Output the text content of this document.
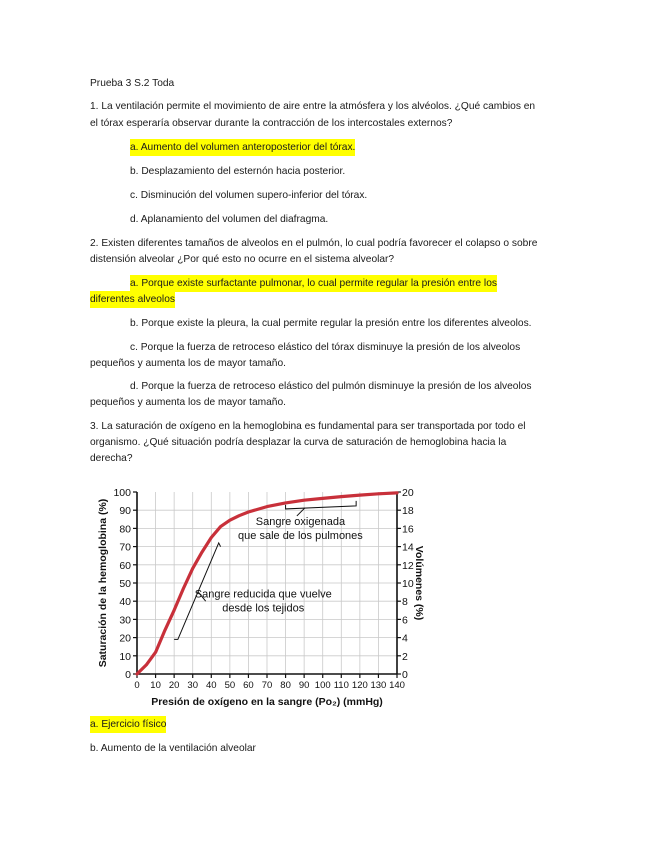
Prueba 3 S.2 Toda
1. La ventilación permite el movimiento de aire entre la atmósfera y los alvéolos. ¿Qué cambios en
el tórax esperaría observar durante la contracción de los intercostales externos?
a. Aumento del volumen anteroposterior del tórax.
b. Desplazamiento del esternón hacia posterior.
c. Disminución del volumen supero-inferior del tórax.
d. Aplanamiento del volumen del diafragma.
2. Existen diferentes tamaños de alveolos en el pulmón, lo cual podría favorecer el colapso o sobre
distensión alveolar ¿Por qué esto no ocurre en el sistema alveolar?
a. Porque existe surfactante pulmonar, lo cual permite regular la presión entre los
diferentes alveolos
b. Porque existe la pleura, la cual permite regular la presión entre los diferentes alveolos.
c. Porque la fuerza de retroceso elástico del tórax disminuye la presión de los alveolos
pequeños y aumenta los de mayor tamaño.
d. Porque la fuerza de retroceso elástico del pulmón disminuye la presión de los alveolos
pequeños y aumenta los de mayor tamaño.
3. La saturación de oxígeno en la hemoglobina es fundamental para ser transportada por todo el
organismo. ¿Qué situación podría desplazar la curva de saturación de hemoglobina hacia la
derecha?
0
10
20
30
40
50
60
70
80
90
100
0
2
4
6
8
10
12
14
16
18
20
0 10 20 30 40 50 60 70 80 90 100 110 120 130 140
Presión de oxígeno en la sangre (Po₂) (mmHg)
Saturación de la hemoglobina (%)	Volúmenes (%)
Sangre oxigenada
que sale de los pulmones
Sangre reducida que vuelve
desde los tejidos
a. Ejercicio físico
b. Aumento de la ventilación alveolar
